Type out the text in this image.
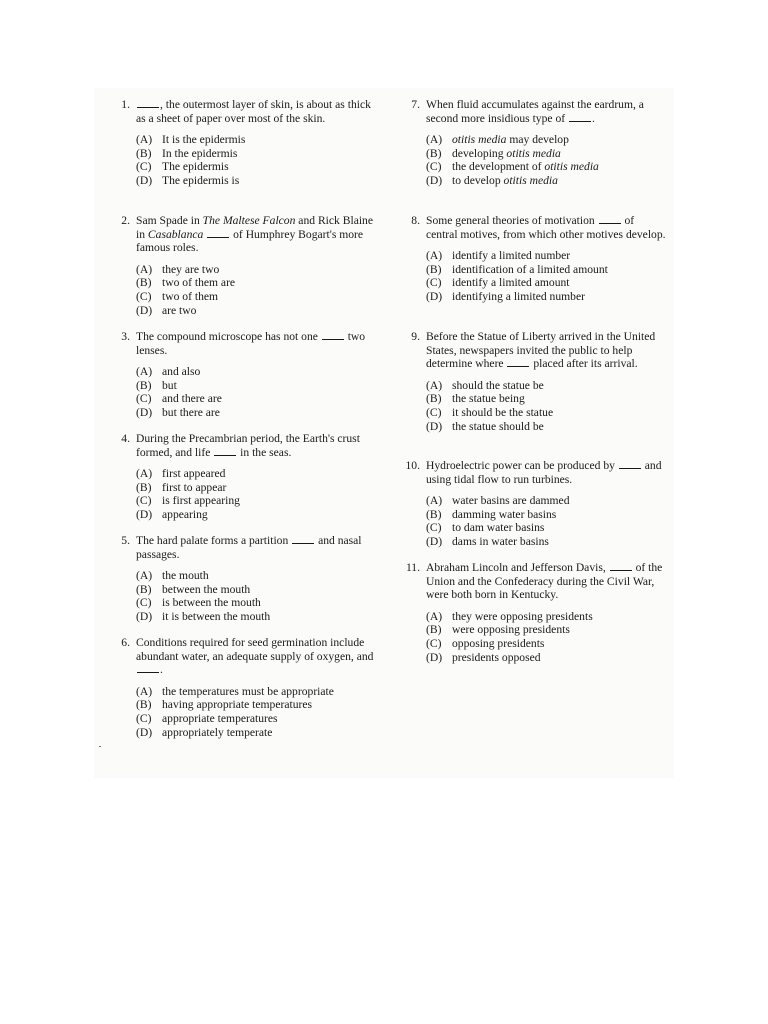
1.	, the outermost layer of skin, is about as thick as a sheet of paper over most of the skin.
(A) It is the epidermis
(B) In the epidermis
(C) The epidermis
(D) The epidermis is
2. Sam Spade in The Maltese Falcon and Rick Blaine in Casablanca  of Humphrey Bogart's more famous roles.
(A) they are two
(B) two of them are
(C) two of them
(D) are two
3. The compound microscope has not one  two lenses.
(A) and also
(B) but
(C) and there are
(D) but there are
4. During the Precambrian period, the Earth's crust formed, and life  in the seas.
(A) first appeared
(B) first to appear
(C) is first appearing
(D) appearing
5. The hard palate forms a partition  and nasal passages.
(A) the mouth
(B) between the mouth
(C) is between the mouth
(D) it is between the mouth
6. Conditions required for seed germination include abundant water, an adequate supply of oxygen, and .
(A) the temperatures must be appropriate
(B) having appropriate temperatures
(C) appropriate temperatures
(D) appropriately temperate
7. When fluid accumulates against the eardrum, a second more insidious type of .
(A) otitis media may develop
(B) developing otitis media
(C) the development of otitis media
(D) to develop otitis media
8. Some general theories of motivation  of central motives, from which other motives develop.
(A) identify a limited number
(B) identification of a limited amount
(C) identify a limited amount
(D) identifying a limited number
9. Before the Statue of Liberty arrived in the United States, newspapers invited the public to help determine where  placed after its arrival.
(A) should the statue be
(B) the statue being
(C) it should be the statue
(D) the statue should be
10. Hydroelectric power can be produced by  and using tidal flow to run turbines.
(A) water basins are dammed
(B) damming water basins
(C) to dam water basins
(D) dams in water basins
11. Abraham Lincoln and Jefferson Davis,  of the Union and the Confederacy during the Civil War, were both born in Kentucky.
(A) they were opposing presidents
(B) were opposing presidents
(C) opposing presidents
(D) presidents opposed
